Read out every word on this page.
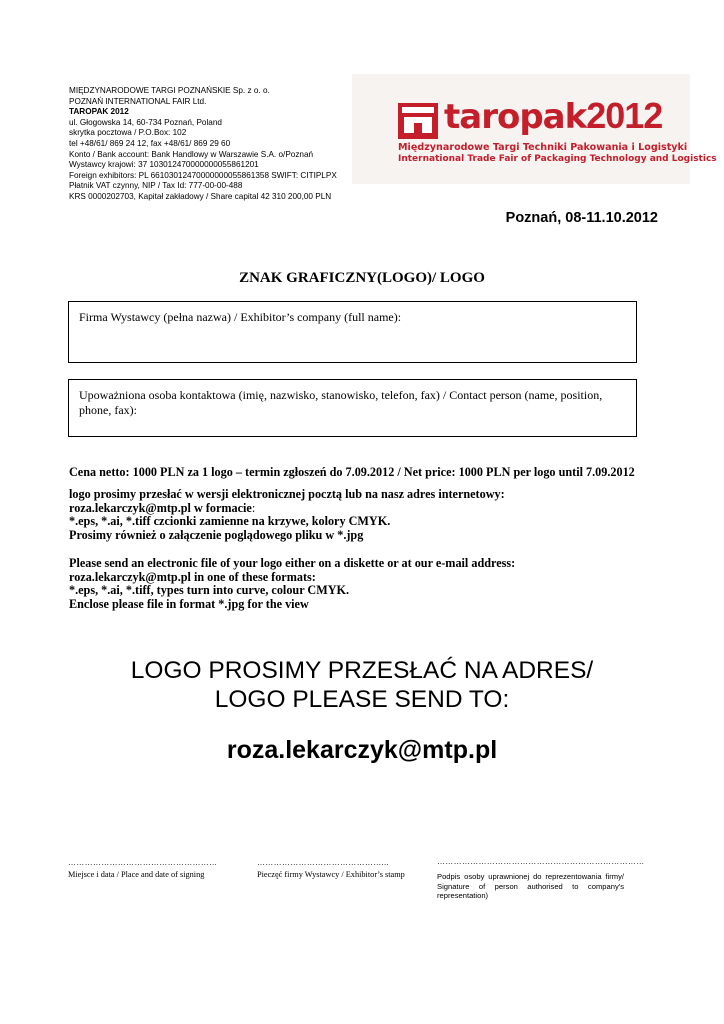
MIĘDZYNARODOWE TARGI POZNAŃSKIE Sp. z o. o.
POZNAŃ INTERNATIONAL FAIR Ltd.
TAROPAK 2012
ul. Głogowska 14, 60-734 Poznań, Poland
skrytka pocztowa / P.O.Box: 102
tel +48/61/ 869 24 12, fax +48/61/ 869 29 60
Konto / Bank account: Bank Handlowy w Warszawie S.A. o/Poznań
Wystawcy krajowi: 37 103012470000000055861201
Foreign exhibitors: PL 66103012470000000055861358 SWIFT: CITIPLPX
Płatnik VAT czynny, NIP / Tax Id: 777-00-00-488
KRS 0000202703, Kapitał zakładowy / Share capital 42 310 200,00 PLN
taropak2012
Międzynarodowe Targi Techniki Pakowania i Logistyki
International Trade Fair of Packaging Technology and Logistics
Poznań, 08-11.10.2012
ZNAK GRAFICZNY(LOGO)/ LOGO
Firma Wystawcy (pełna nazwa) / Exhibitor’s company (full name):
Upoważniona osoba kontaktowa (imię, nazwisko, stanowisko, telefon, fax) / Contact person (name, position, phone, fax):
Cena netto: 1000 PLN za 1 logo – termin zgłoszeń do 7.09.2012 / Net price: 1000 PLN per logo until 7.09.2012
logo prosimy przesłać w wersji elektronicznej pocztą lub na nasz adres internetowy:
roza.lekarczyk@mtp.pl w formacie:
*.eps, *.ai, *.tiff czcionki zamienne na krzywe, kolory CMYK.
Prosimy również o załączenie poglądowego pliku w *.jpg
Please send an electronic file of your logo either on a diskette or at our e-mail address:
roza.lekarczyk@mtp.pl in one of these formats:
*.eps, *.ai, *.tiff, types turn into curve, colour CMYK.
Enclose please file in format *.jpg for the view
LOGO PROSIMY PRZESŁAĆ NA ADRES/
LOGO PLEASE SEND TO:
roza.lekarczyk@mtp.pl
………………………………………………	………………………………………...	…………………………………………………………………
Miejsce i data / Place and date of signing	Pieczęć firmy Wystawcy / Exhibitor’s stamp	Podpis osoby uprawnionej do reprezentowania firmy/ Signature of person authorised to company's representation)
